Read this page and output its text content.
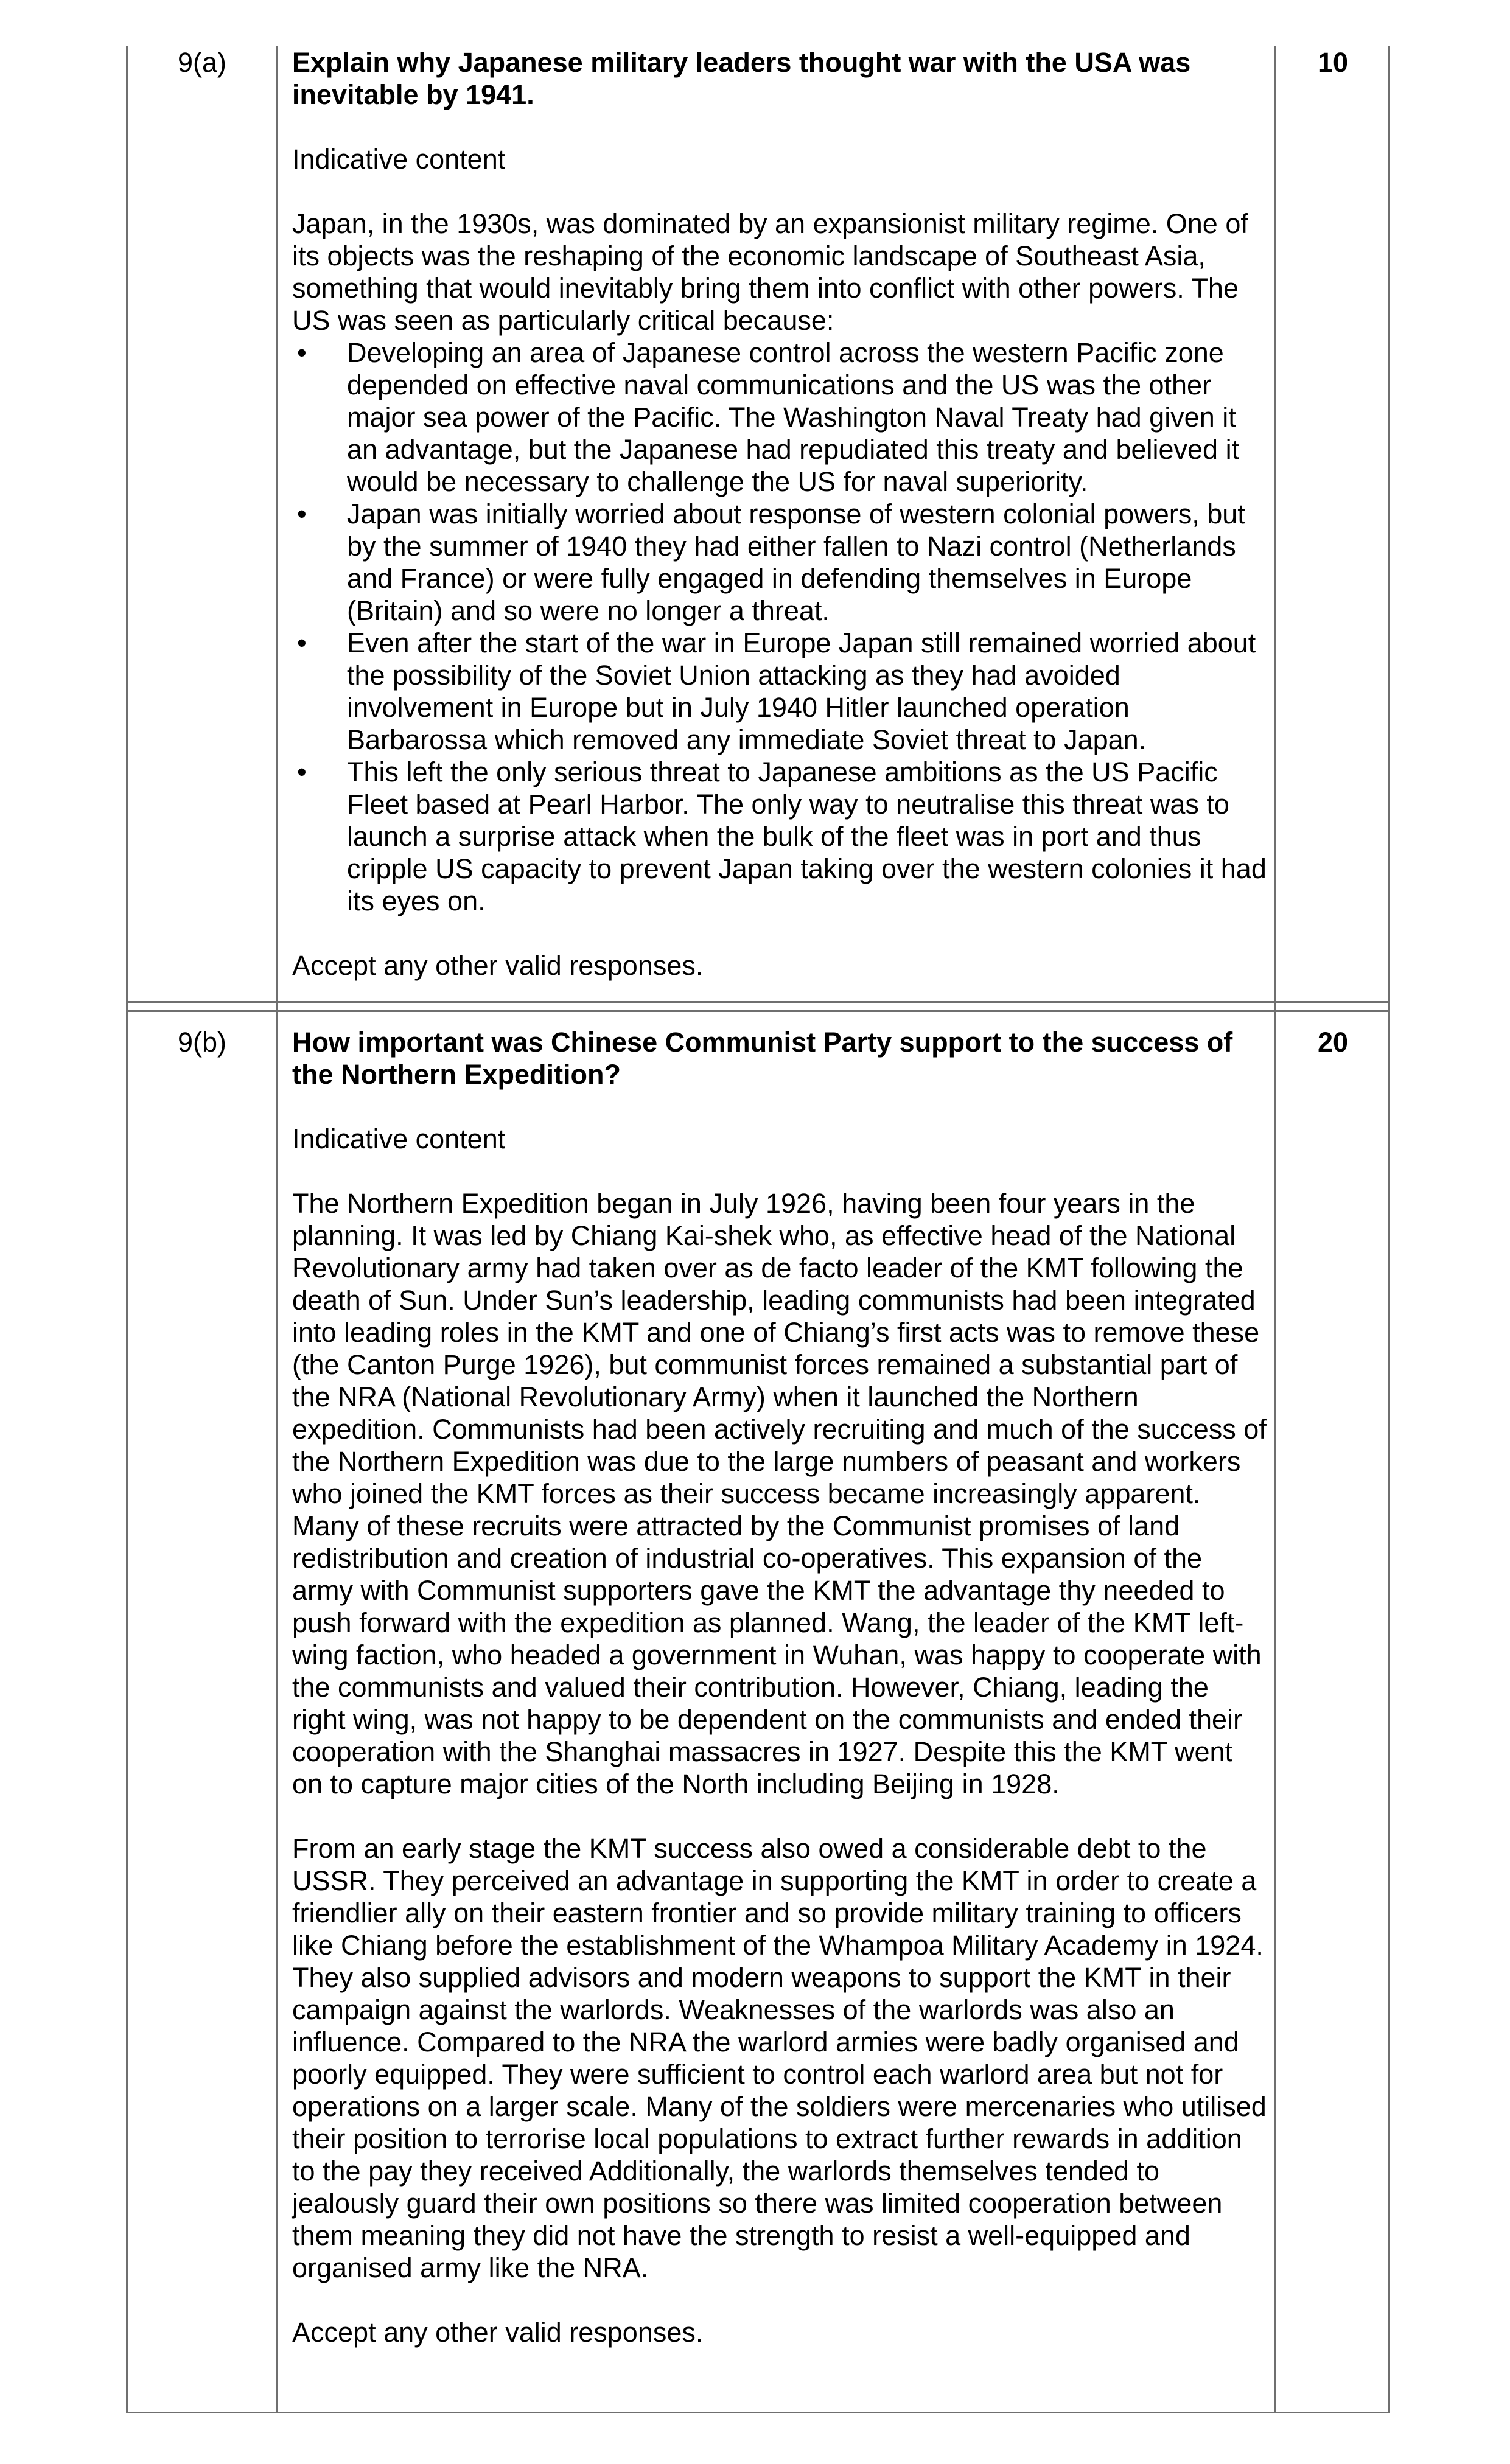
9(a)	10

Explain why Japanese military leaders thought war with the USA was inevitable by 1941.

Indicative content

Japan, in the 1930s, was dominated by an expansionist military regime. One of its objects was the reshaping of the economic landscape of Southeast Asia, something that would inevitably bring them into conflict with other powers. The US was seen as particularly critical because:

• Developing an area of Japanese control across the western Pacific zone depended on effective naval communications and the US was the other major sea power of the Pacific. The Washington Naval Treaty had given it an advantage, but the Japanese had repudiated this treaty and believed it would be necessary to challenge the US for naval superiority.
• Japan was initially worried about response of western colonial powers, but by the summer of 1940 they had either fallen to Nazi control (Netherlands and France) or were fully engaged in defending themselves in Europe (Britain) and so were no longer a threat.
• Even after the start of the war in Europe Japan still remained worried about the possibility of the Soviet Union attacking as they had avoided involvement in Europe but in July 1940 Hitler launched operation Barbarossa which removed any immediate Soviet threat to Japan.
• This left the only serious threat to Japanese ambitions as the US Pacific Fleet based at Pearl Harbor. The only way to neutralise this threat was to launch a surprise attack when the bulk of the fleet was in port and thus cripple US capacity to prevent Japan taking over the western colonies it had its eyes on.

Accept any other valid responses.

9(b)	20

How important was Chinese Communist Party support to the success of the Northern Expedition?

Indicative content

The Northern Expedition began in July 1926, having been four years in the planning. It was led by Chiang Kai-shek who, as effective head of the National Revolutionary army had taken over as de facto leader of the KMT following the death of Sun. Under Sun’s leadership, leading communists had been integrated into leading roles in the KMT and one of Chiang’s first acts was to remove these (the Canton Purge 1926), but communist forces remained a substantial part of the NRA (National Revolutionary Army) when it launched the Northern expedition. Communists had been actively recruiting and much of the success of the Northern Expedition was due to the large numbers of peasant and workers who joined the KMT forces as their success became increasingly apparent. Many of these recruits were attracted by the Communist promises of land redistribution and creation of industrial co-operatives. This expansion of the army with Communist supporters gave the KMT the advantage thy needed to push forward with the expedition as planned. Wang, the leader of the KMT left-wing faction, who headed a government in Wuhan, was happy to cooperate with the communists and valued their contribution. However, Chiang, leading the right wing, was not happy to be dependent on the communists and ended their cooperation with the Shanghai massacres in 1927. Despite this the KMT went on to capture major cities of the North including Beijing in 1928.

From an early stage the KMT success also owed a considerable debt to the USSR. They perceived an advantage in supporting the KMT in order to create a friendlier ally on their eastern frontier and so provide military training to officers like Chiang before the establishment of the Whampoa Military Academy in 1924. They also supplied advisors and modern weapons to support the KMT in their campaign against the warlords. Weaknesses of the warlords was also an influence. Compared to the NRA the warlord armies were badly organised and poorly equipped. They were sufficient to control each warlord area but not for operations on a larger scale. Many of the soldiers were mercenaries who utilised their position to terrorise local populations to extract further rewards in addition to the pay they received Additionally, the warlords themselves tended to jealously guard their own positions so there was limited cooperation between them meaning they did not have the strength to resist a well-equipped and organised army like the NRA.

Accept any other valid responses.
